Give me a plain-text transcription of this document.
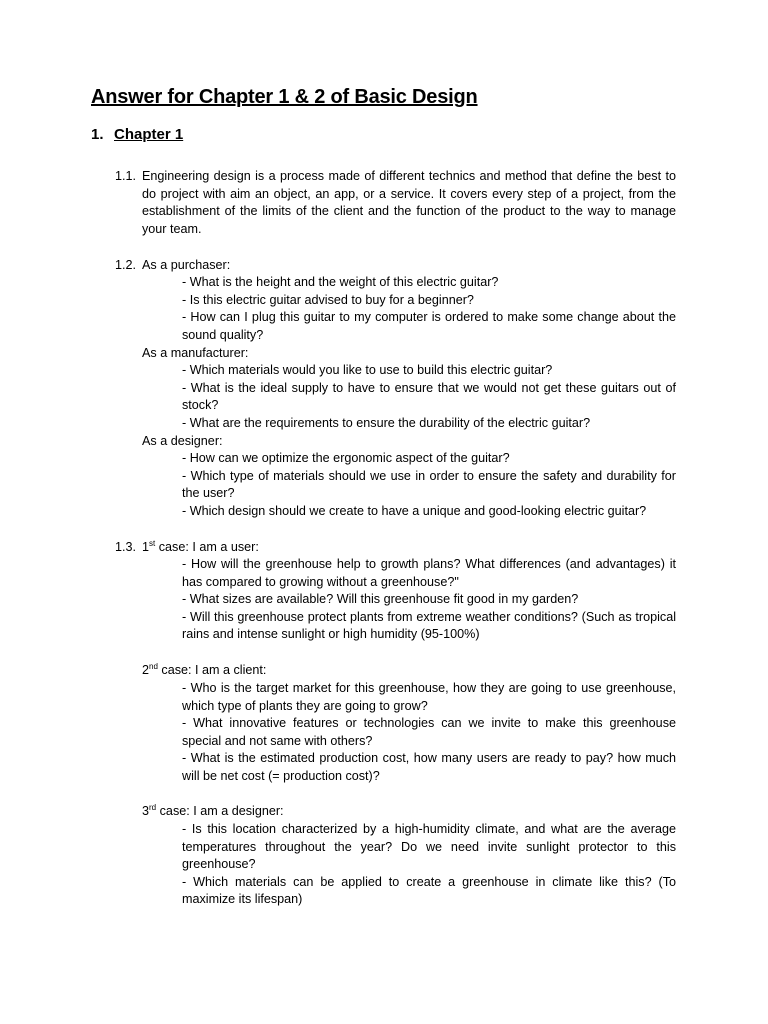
Answer for Chapter 1 & 2 of Basic Design
1. Chapter 1
1.1. Engineering design is a process made of different technics and method that define the best to do project with aim an object, an app, or a service. It covers every step of a project, from the establishment of the limits of the client and the function of the product to the way to manage your team.
1.2. As a purchaser:
- What is the height and the weight of this electric guitar?
- Is this electric guitar advised to buy for a beginner?
- How can I plug this guitar to my computer is ordered to make some change about the sound quality?
As a manufacturer:
- Which materials would you like to use to build this electric guitar?
- What is the ideal supply to have to ensure that we would not get these guitars out of stock?
- What are the requirements to ensure the durability of the electric guitar?
As a designer:
- How can we optimize the ergonomic aspect of the guitar?
- Which type of materials should we use in order to ensure the safety and durability for the user?
- Which design should we create to have a unique and good-looking electric guitar?
1.3. 1st case: I am a user:
- How will the greenhouse help to growth plans? What differences (and advantages) it has compared to growing without a greenhouse?"
- What sizes are available? Will this greenhouse fit good in my garden?
- Will this greenhouse protect plants from extreme weather conditions? (Such as tropical rains and intense sunlight or high humidity (95-100%)
2nd case: I am a client:
- Who is the target market for this greenhouse, how they are going to use greenhouse, which type of plants they are going to grow?
- What innovative features or technologies can we invite to make this greenhouse special and not same with others?
- What is the estimated production cost, how many users are ready to pay? how much will be net cost (= production cost)?
3rd case: I am a designer:
- Is this location characterized by a high-humidity climate, and what are the average temperatures throughout the year? Do we need invite sunlight protector to this greenhouse?
- Which materials can be applied to create a greenhouse in climate like this? (To maximize its lifespan)
